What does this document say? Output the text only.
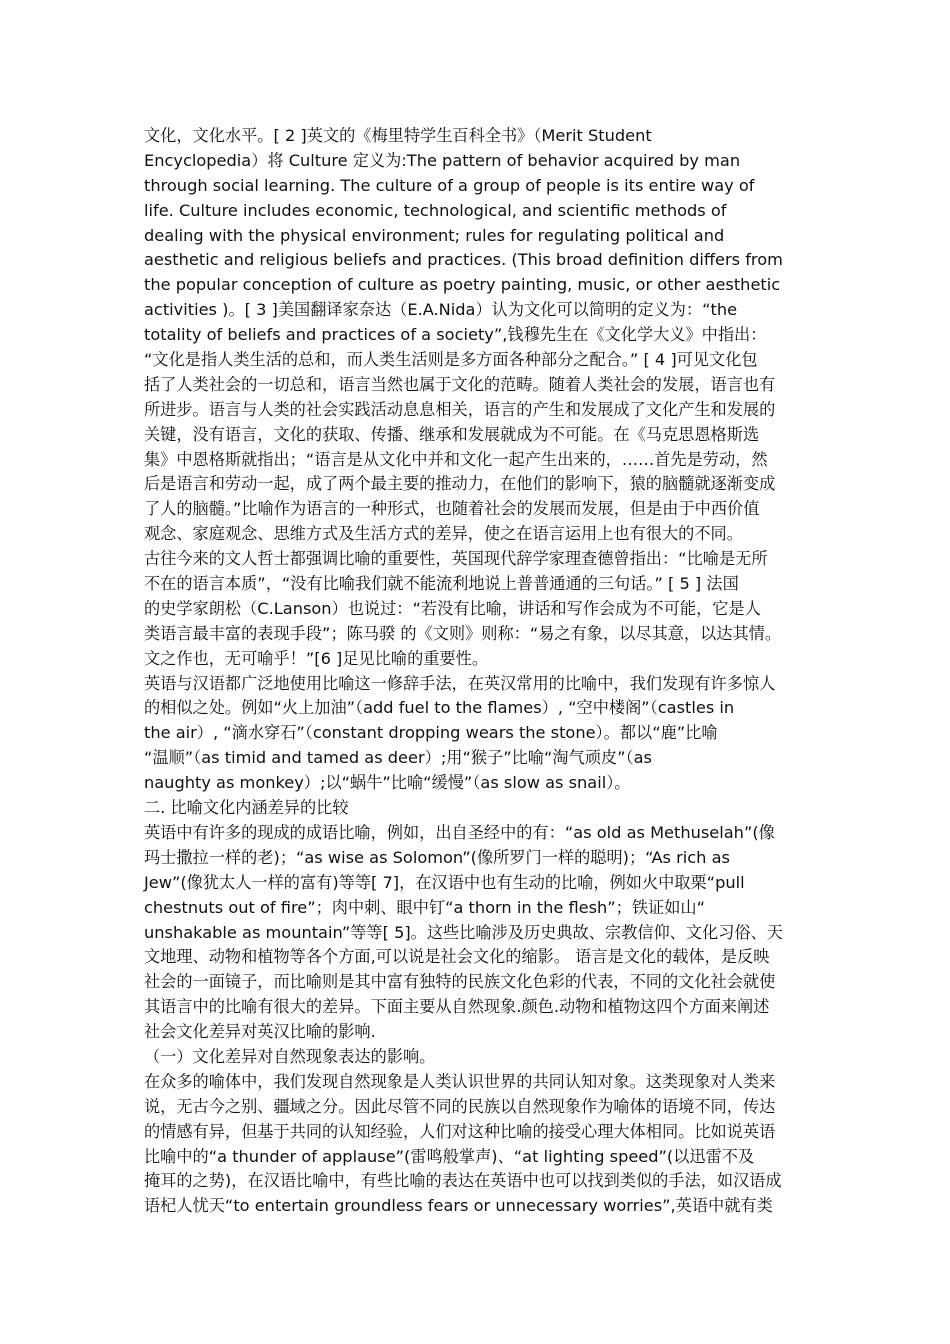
文化，文化水平。[ 2 ]英文的《梅里特学生百科全书》（Merit Student
Encyclopedia）将 Culture 定义为:The pattern of behavior acquired by man
through social learning. The culture of a group of people is its entire way of
life. Culture includes economic, technological, and scientific methods of
dealing with the physical environment; rules for regulating political and
aesthetic and religious beliefs and practices. (This broad definition differs from
the popular conception of culture as poetry painting, music, or other aesthetic
activities )。[ 3 ]美国翻译家奈达（E.A.Nida）认为文化可以简明的定义为：“the
totality of beliefs and practices of a society”,钱穆先生在《文化学大义》中指出：
“文化是指人类生活的总和，而人类生活则是多方面各种部分之配合。” [ 4 ]可见文化包
括了人类社会的一切总和，语言当然也属于文化的范畴。随着人类社会的发展，语言也有
所进步。语言与人类的社会实践活动息息相关，语言的产生和发展成了文化产生和发展的
关键，没有语言，文化的获取、传播、继承和发展就成为不可能。在《马克思恩格斯选
集》中恩格斯就指出；“语言是从文化中并和文化一起产生出来的，……首先是劳动，然
后是语言和劳动一起，成了两个最主要的推动力，在他们的影响下，猿的脑髓就逐渐变成
了人的脑髓。”比喻作为语言的一种形式，也随着社会的发展而发展，但是由于中西价值
观念、家庭观念、思维方式及生活方式的差异，使之在语言运用上也有很大的不同。
古往今来的文人哲士都强调比喻的重要性，英国现代辞学家理查德曾指出：“比喻是无所
不在的语言本质”，“没有比喻我们就不能流利地说上普普通通的三句话。” [ 5 ] 法国
的史学家朗松（C.Lanson）也说过：“若没有比喻，讲话和写作会成为不可能，它是人
类语言最丰富的表现手段”；陈马骙 的《文则》则称：“易之有象，以尽其意，以达其情。
文之作也，无可喻乎！”[6 ]足见比喻的重要性。
英语与汉语都广泛地使用比喻这一修辞手法，在英汉常用的比喻中，我们发现有许多惊人
的相似之处。例如“火上加油”（add fuel to the flames）, “空中楼阁”（castles in
the air）, “滴水穿石”（constant dropping wears the stone）。都以“鹿”比喻
“温顺”（as timid and tamed as deer）;用“猴子”比喻“淘气顽皮”（as
naughty as monkey）;以“蜗牛”比喻“缓慢”（as slow as snail）。
二. 比喻文化内涵差异的比较
英语中有许多的现成的成语比喻，例如，出自圣经中的有：“as old as Methuselah”(像
玛士撒拉一样的老)；“as wise as Solomon”(像所罗门一样的聪明)；“As rich as
Jew”(像犹太人一样的富有)等等[ 7]，在汉语中也有生动的比喻，例如火中取栗“pull
chestnuts out of fire”；肉中刺、眼中钉“a thorn in the flesh”；铁证如山“
unshakable as mountain”等等[ 5]。这些比喻涉及历史典故、宗教信仰、文化习俗、天
文地理、动物和植物等各个方面,可以说是社会文化的缩影。 语言是文化的载体，是反映
社会的一面镜子，而比喻则是其中富有独特的民族文化色彩的代表，不同的文化社会就使
其语言中的比喻有很大的差异。下面主要从自然现象.颜色.动物和植物这四个方面来阐述
社会文化差异对英汉比喻的影响.
（一）文化差异对自然现象表达的影响。
在众多的喻体中，我们发现自然现象是人类认识世界的共同认知对象。这类现象对人类来
说，无古今之别、疆域之分。因此尽管不同的民族以自然现象作为喻体的语境不同，传达
的情感有异，但基于共同的认知经验，人们对这种比喻的接受心理大体相同。比如说英语
比喻中的“a thunder of applause”(雷鸣般掌声)、“at lighting speed”(以迅雷不及
掩耳的之势)，在汉语比喻中，有些比喻的表达在英语中也可以找到类似的手法，如汉语成
语杞人忧天“to entertain groundless fears or unnecessary worries”,英语中就有类
